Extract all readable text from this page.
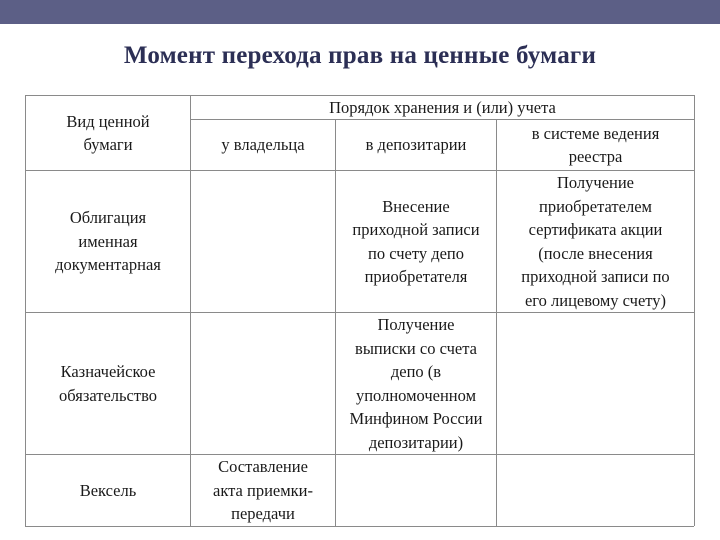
Момент перехода прав на ценные бумаги
Вид ценной
бумаги
Порядок хранения и (или) учета
у владельца	в депозитарии
в системе ведения
реестра
Облигация
именная
документарная
Внесение
приходной записи
по счету депо
приобретателя
Получение
приобретателем
сертификата акции
(после внесения
приходной записи по
его лицевому счету)
Казначейское
обязательство
Получение
выписки со счета
депо (в
уполномоченном
Минфином России
депозитарии)
Вексель
Составление
акта приемки-
передачи
